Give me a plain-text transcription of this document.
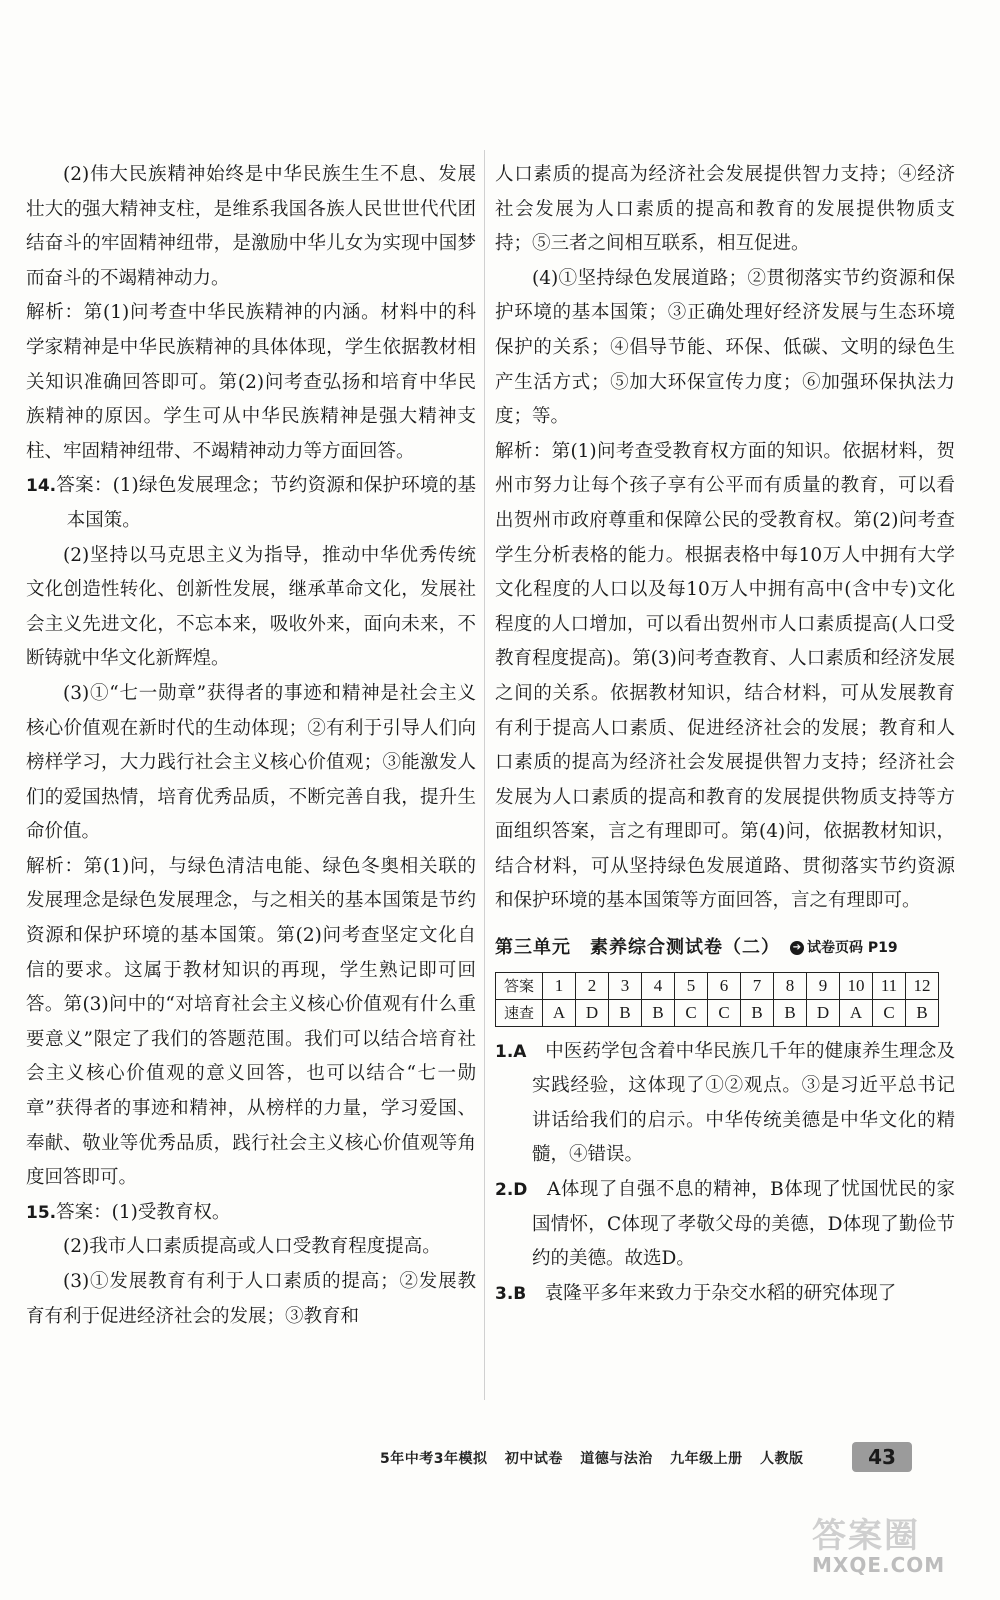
(2)伟大民族精神始终是中华民族生生不息、发展壮大的强大精神支柱，是维系我国各族人民世世代代团结奋斗的牢固精神纽带，是激励中华儿女为实现中国梦而奋斗的不竭精神动力。

解析：第(1)问考查中华民族精神的内涵。材料中的科学家精神是中华民族精神的具体体现，学生依据教材相关知识准确回答即可。第(2)问考查弘扬和培育中华民族精神的原因。学生可从中华民族精神是强大精神支柱、牢固精神纽带、不竭精神动力等方面回答。

14.答案：(1)绿色发展理念；节约资源和保护环境的基本国策。

(2)坚持以马克思主义为指导，推动中华优秀传统文化创造性转化、创新性发展，继承革命文化，发展社会主义先进文化，不忘本来，吸收外来，面向未来，不断铸就中华文化新辉煌。

(3)①“七一勋章”获得者的事迹和精神是社会主义核心价值观在新时代的生动体现；②有利于引导人们向榜样学习，大力践行社会主义核心价值观；③能激发人们的爱国热情，培育优秀品质，不断完善自我，提升生命价值。

解析：第(1)问，与绿色清洁电能、绿色冬奥相关联的发展理念是绿色发展理念，与之相关的基本国策是节约资源和保护环境的基本国策。第(2)问考查坚定文化自信的要求。这属于教材知识的再现，学生熟记即可回答。第(3)问中的“对培育社会主义核心价值观有什么重要意义”限定了我们的答题范围。我们可以结合培育社会主义核心价值观的意义回答，也可以结合“七一勋章”获得者的事迹和精神，从榜样的力量，学习爱国、奉献、敬业等优秀品质，践行社会主义核心价值观等角度回答即可。

15.答案：(1)受教育权。

(2)我市人口素质提高或人口受教育程度提高。

(3)①发展教育有利于人口素质的提高；②发展教育有利于促进经济社会的发展；③教育和

人口素质的提高为经济社会发展提供智力支持；④经济社会发展为人口素质的提高和教育的发展提供物质支持；⑤三者之间相互联系，相互促进。

(4)①坚持绿色发展道路；②贯彻落实节约资源和保护环境的基本国策；③正确处理好经济发展与生态环境保护的关系；④倡导节能、环保、低碳、文明的绿色生产生活方式；⑤加大环保宣传力度；⑥加强环保执法力度；等。

解析：第(1)问考查受教育权方面的知识。依据材料，贺州市努力让每个孩子享有公平而有质量的教育，可以看出贺州市政府尊重和保障公民的受教育权。第(2)问考查学生分析表格的能力。根据表格中每10万人中拥有大学文化程度的人口以及每10万人中拥有高中(含中专)文化程度的人口增加，可以看出贺州市人口素质提高(人口受教育程度提高)。第(3)问考查教育、人口素质和经济发展之间的关系。依据教材知识，结合材料，可从发展教育有利于提高人口素质、促进经济社会的发展；教育和人口素质的提高为经济社会发展提供智力支持；经济社会发展为人口素质的提高和教育的发展提供物质支持等方面组织答案，言之有理即可。第(4)问，依据教材知识，结合材料，可从坚持绿色发展道路、贯彻落实节约资源和保护环境的基本国策等方面回答，言之有理即可。

第三单元　素养综合测试卷（二） ➔ 试卷页码 P19
答案	1	2	3	4	5	6	7	8	9	10	11	12
速查	A	D	B	B	C	C	B	B	D	A	C	B

1.A　 中医药学包含着中华民族几千年的健康养生理念及实践经验，这体现了①②观点。③是习近平总书记讲话给我们的启示。中华传统美德是中华文化的精髓，④错误。

2.D　 A体现了自强不息的精神，B体现了忧国忧民的家国情怀，C体现了孝敬父母的美德，D体现了勤俭节约的美德。故选D。

3.B　 袁隆平多年来致力于杂交水稻的研究体现了

5年中考3年模拟 初中试卷 道德与法治 九年级上册 人教版	43
答案圈
MXQE.COM
